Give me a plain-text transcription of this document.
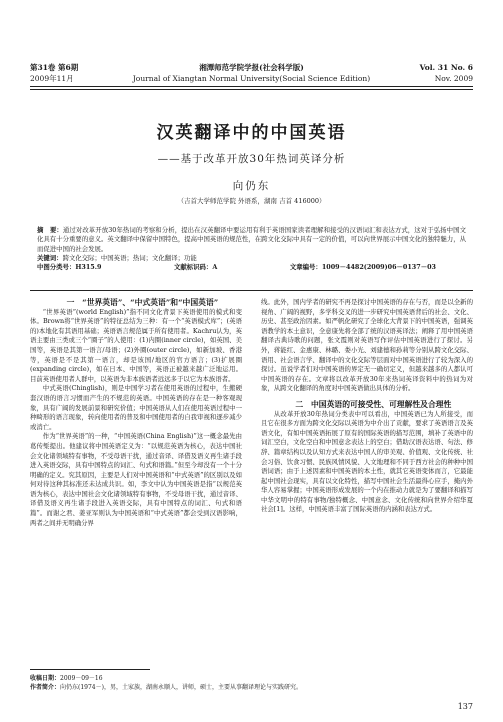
第31卷 第6期	湘潭师范学院学报(社会科学版)	Vol. 31 No. 6
2009年11月	Journal of Xiangtan Normal University(Social Science Edition)	Nov. 2009
汉英翻译中的中国英语
——基于改革开放30年热词英译分析
向仍东
（吉首大学师范学院 外语系，湖南 吉首 416000）
摘　要：通过对改革开放30年热词的考察和分析，提出在汉英翻译中要运用有利于英语国家读者理解和接受的汉语词汇和表达方式，这对于弘扬中国文化具有十分重要的意义。英文翻译中保留中国特色，提高中国英语的规范性，在跨文化交际中具有一定的价值，可以向世界展示中国文化的独特魅力，从而促进中国的社会发展。
关键词：跨文化交际；中国英语；热词；文化翻译；功能
中图分类号：H315.9	文献标识码：A	文章编号：1009－4482(2009)06－0137－03

一　“世界英语”、“中式英语”和“中国英语”

“世界英语”(world English)”指不同文化背景下英语使用的模式和变体。Brown将“世界英语”的特征总结为三种：有一个“英语模式库”；(英语的)本地化有其语用基础；英语语言规范属于所有使用者。Kachru认为，英语主要由三类或三个“圈子”的人使用：(1)内圈(inner circle)，如英国、美国等，英语是其第一语言/母语；(2)外圈(outer circle)，如新加坡、香港等，英语是不是其第一语言，却是该国/地区的官方语言；(3)扩展圈(expanding circle)，如在日本、中国等，英语正被越来越广泛地运用。目前英语使用者人群中，以英语为非本族语者远远多于以它为本族语者。

中式英语(Chinglish)，则是中国学习者在使用英语的过程中，生搬硬套汉语的语言习惯而产生的不规范的英语。中国英语的存在是一种客观现象，具有广阔的发展前景和研究价值；中国英语从人们在使用英语过程中一种畸形的语言现象，转向使用者的普及和中国使用者的自我审视和逐步减少或消亡。

作为“世界英语”的一种，“中国英语(China English)”这一概念最先由葛传椠提出。他建议将中国英语定义为：“以规范英语为核心，表达中国社会文化诸领域特有事物，不受母语干扰，通过音译、译借及语义再生诸手段进入英语交际，具有中国特点的词汇、句式和语篇。”但至今却没有一个十分明确的定义。究其原因，主要是人们对中国英语和“中式英语”的区别以及如何对待这种其标准还未达成共识。如，李文中认为中国英语是指“以规范英语为核心，表达中国社会文化诸领域特有事物，不受母语干扰，通过音译、译借及语义再生诸手段进入英语交际，具有中国特点的词汇、句式和语篇”。而谢之君、姜亚军则认为中国英语和“中式英语”都会受到汉语影响，两者之间并无明确分界

线。此外，国内学者的研究不再是探讨中国英语的存在与否，而是以全新的视角、广阔的视野，多学科交叉的进一步研究中国英语背后的社会、文化、历史、甚至政治因素。如严帆化研究了全球化大背景下的中国英语，强调英语教学的本土意识，全意康先将全部了统的汉语英译法；阐释了用中国英语翻译古典诗歌的问题，张文霞则对英语写作评估中国英语进行了探讨。另外，蒋能红、金惠康、林璐、娄小光、刘建德和孙莉等分别从跨文化交际、语用、社会语言学、翻译中的文化交际等层面对中国英语进行了较为深入的探讨。虽说学者们对中国英语的界定无一确切定义，但越来越多的人都认可中国英语的存在。文章将以改革开放30年来热词英译资料中的热词为对象，从跨文化翻译的角度对中国英语做出具体的分析。

二　中国英语的可接受性、可理解性及合理性

从改革开放30年热词分类表中可以看出，中国英语已为人所接受，而且它在很多方面为跨文化交际以英语为中介出了贡献，要求了英语语言及英语文化，有如中国英语拓展了原有的国际英语的描写范围，填补了英语中的词汇空白，文化空白和中国意念表达上的空白；借助汉语表达语、句法、修辞、篇章结构以及认知方式来表达中国人的审美观、价值观、文化传统、社会习俗、饮食习惯、民族风情风貌、人文地理和不同于西方社会的种种中国语词语；由于上述因素和中国英语的本土性，就其它英语变体而言，它最能起中国社会现实，具有以文化特性，描写中国社会生活最得心应手，掩内外华人容易掌握；中国英语形成发展的一个内在推动力就是为了要翻译和描写中华文明中的特有事物/独特概念、中国意念、文化传统和向世界介绍华夏社会[1]。这样，中国英语丰富了国际英语的内涵和表达方式。

收稿日期：2009－09－16
作者简介：向仍东(1974－)，男，土家族，湖南永顺人，讲师，硕士，主要从事翻译理论与实践研究。
137
